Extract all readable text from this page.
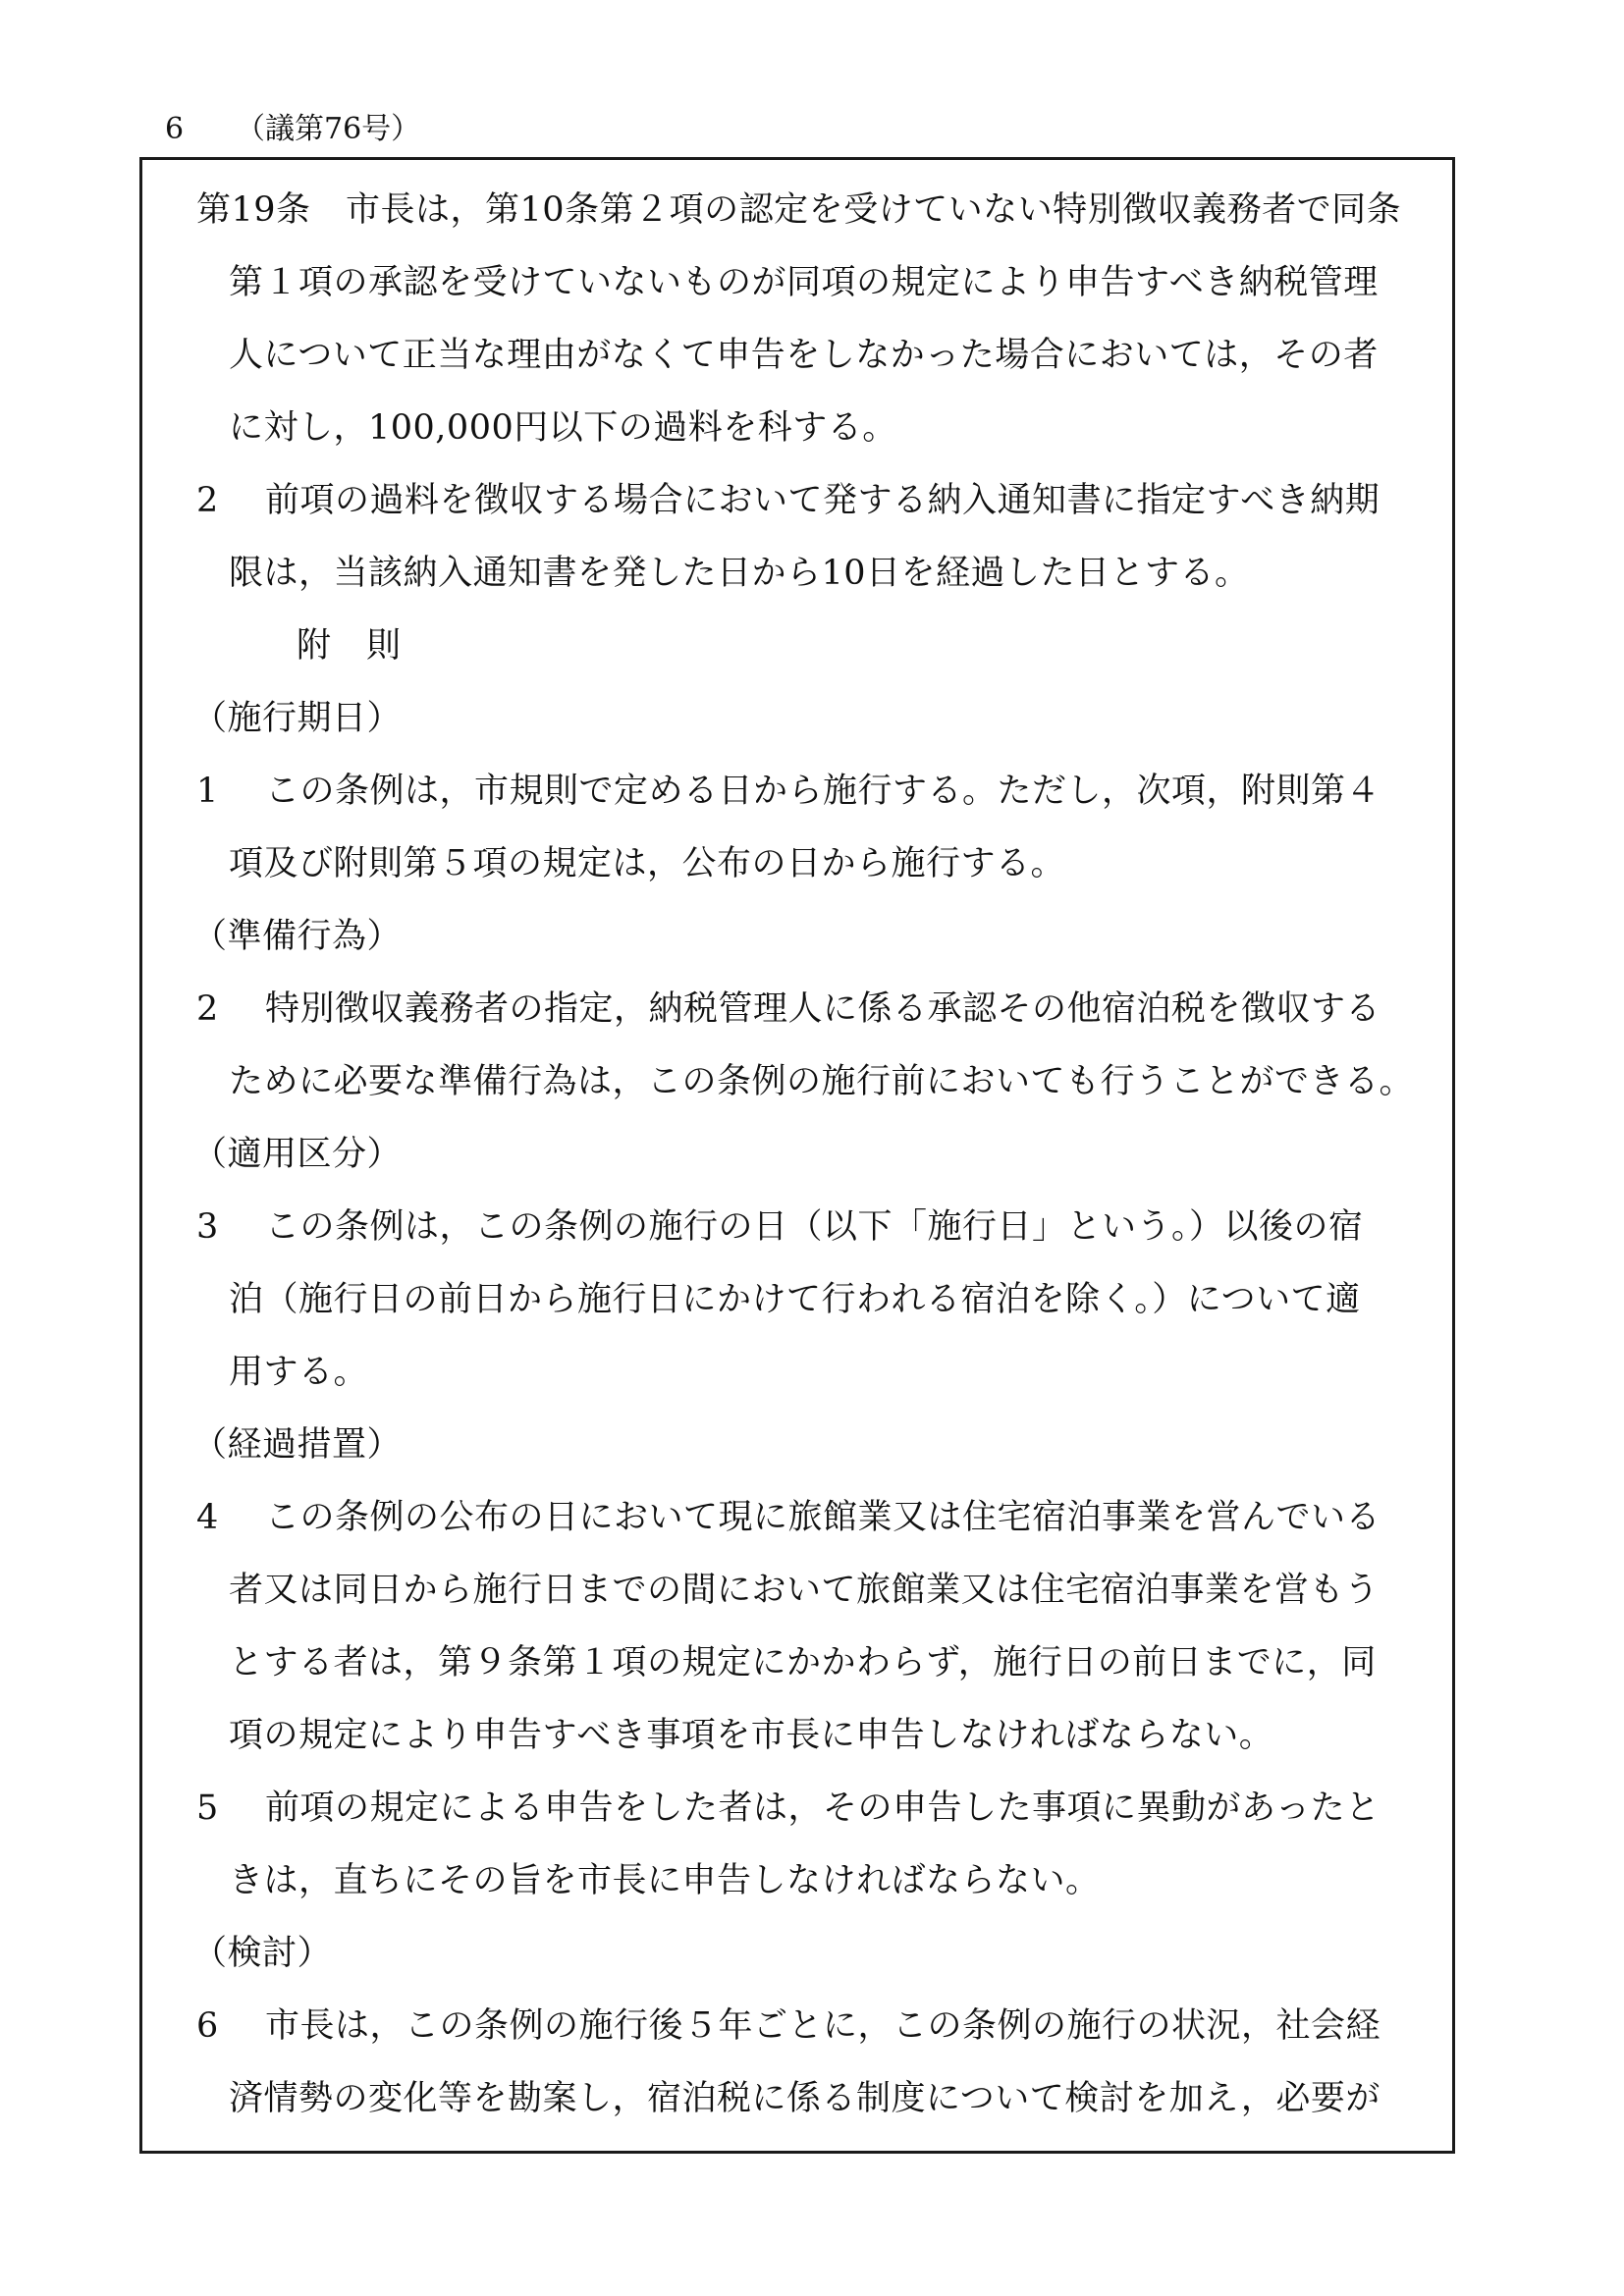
6 （議第76号）
第19条　市長は，第10条第２項の認定を受けていない特別徴収義務者で同条
第１項の承認を受けていないものが同項の規定により申告すべき納税管理
人について正当な理由がなくて申告をしなかった場合においては，その者
に対し，100,000円以下の過料を科する。
2 前項の過料を徴収する場合において発する納入通知書に指定すべき納期
限は，当該納入通知書を発した日から10日を経過した日とする。
附　則
（施行期日）
1 この条例は，市規則で定める日から施行する。ただし，次項，附則第４
項及び附則第５項の規定は，公布の日から施行する。
（準備行為）
2 特別徴収義務者の指定，納税管理人に係る承認その他宿泊税を徴収する
ために必要な準備行為は，この条例の施行前においても行うことができる。
（適用区分）
3 この条例は，この条例の施行の日（以下「施行日」という。）以後の宿
泊（施行日の前日から施行日にかけて行われる宿泊を除く。）について適
用する。
（経過措置）
4 この条例の公布の日において現に旅館業又は住宅宿泊事業を営んでいる
者又は同日から施行日までの間において旅館業又は住宅宿泊事業を営もう
とする者は，第９条第１項の規定にかかわらず，施行日の前日までに，同
項の規定により申告すべき事項を市長に申告しなければならない。
5 前項の規定による申告をした者は，その申告した事項に異動があったと
きは，直ちにその旨を市長に申告しなければならない。
（検討）
6 市長は，この条例の施行後５年ごとに，この条例の施行の状況，社会経
済情勢の変化等を勘案し，宿泊税に係る制度について検討を加え，必要が
